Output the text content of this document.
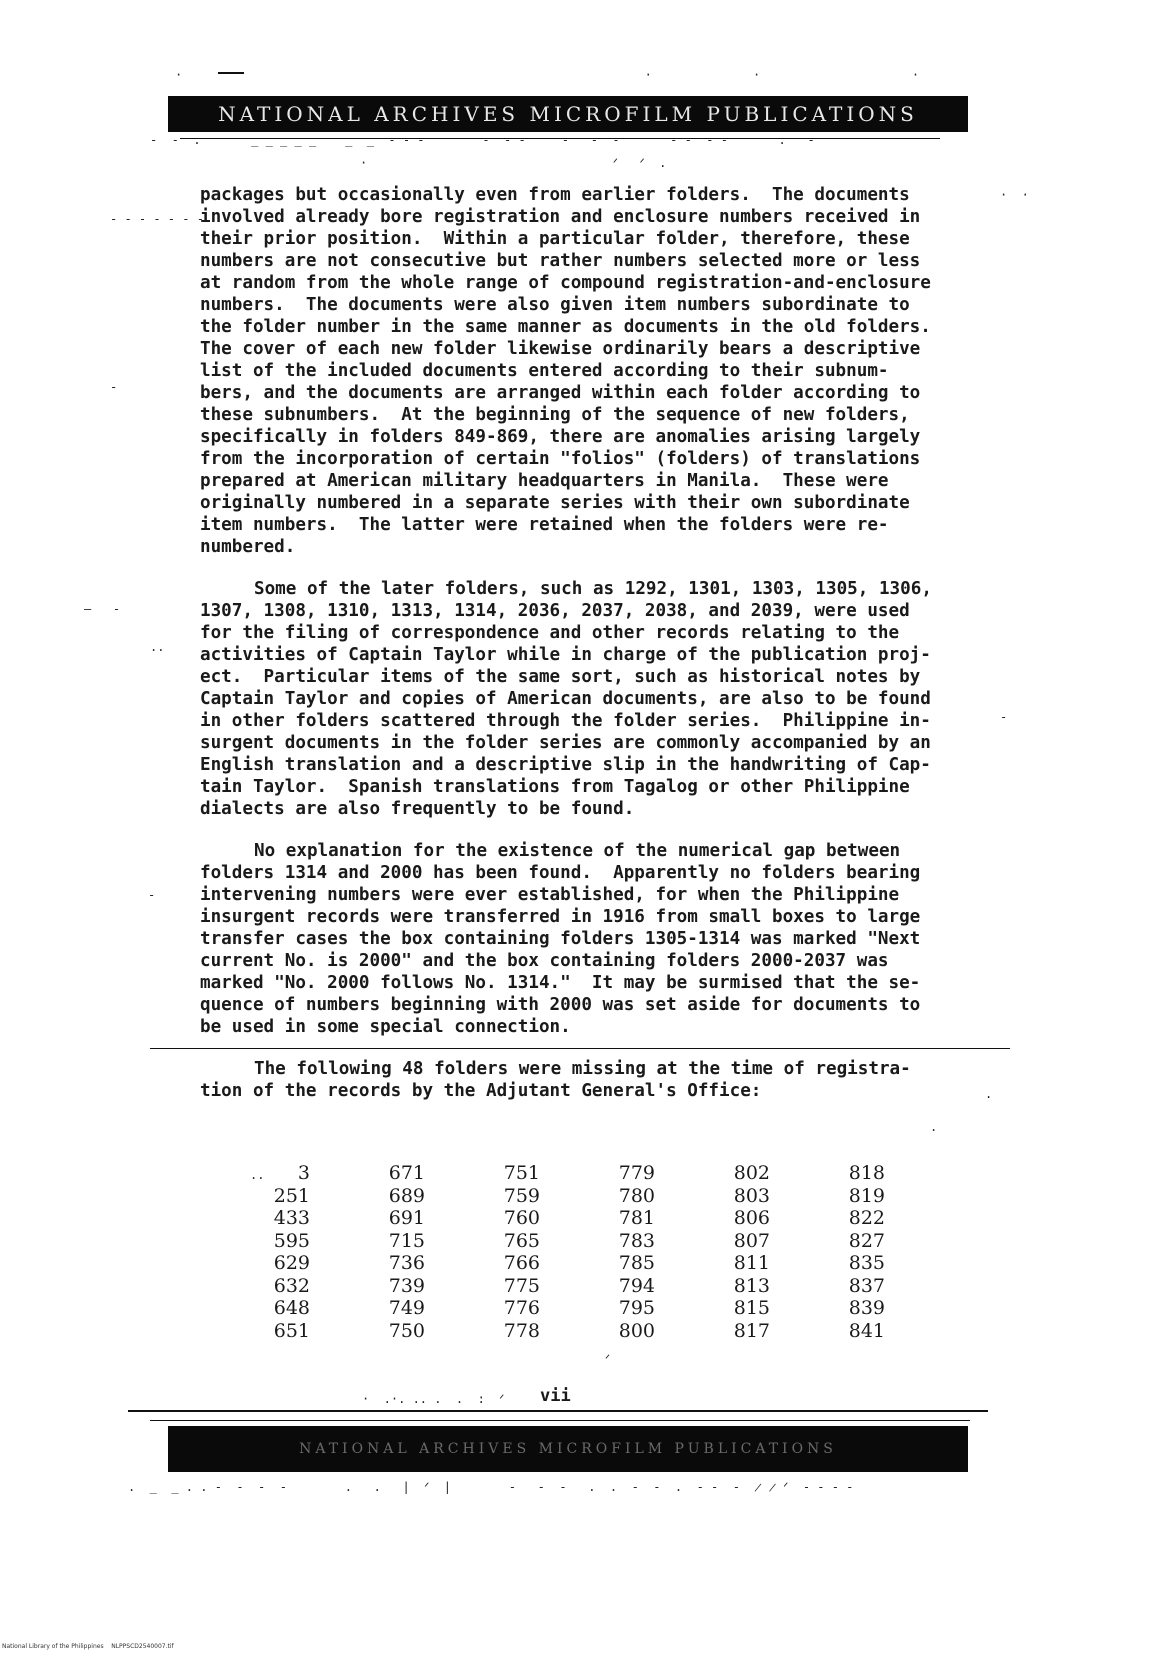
·                                                                ·              ·                     ·
NATIONAL ARCHIVES MICROFILM PUBLICATIONS
-  -  .       _ _ _ _ _    _  _  - - -        -  - -     -   -  -       - -  - -       .   -
·                                  ᐟ   ᐟ  .
- - - - - - -
·  ·
-
—   -
..
-
-
.
.
packages but occasionally even from earlier folders.  The documents
involved already bore registration and enclosure numbers received in
their prior position.  Within a particular folder, therefore, these
numbers are not consecutive but rather numbers selected more or less
at random from the whole range of compound registration-and-enclosure
numbers.  The documents were also given item numbers subordinate to
the folder number in the same manner as documents in the old folders.
The cover of each new folder likewise ordinarily bears a descriptive
list of the included documents entered according to their subnum-
bers, and the documents are arranged within each folder according to
these subnumbers.  At the beginning of the sequence of new folders,
specifically in folders 849-869, there are anomalies arising largely
from the incorporation of certain "folios" (folders) of translations
prepared at American military headquarters in Manila.  These were
originally numbered in a separate series with their own subordinate
item numbers.  The latter were retained when the folders were re-
numbered.
Some of the later folders, such as 1292, 1301, 1303, 1305, 1306,
1307, 1308, 1310, 1313, 1314, 2036, 2037, 2038, and 2039, were used
for the filing of correspondence and other records relating to the
activities of Captain Taylor while in charge of the publication proj-
ect.  Particular items of the same sort, such as historical notes by
Captain Taylor and copies of American documents, are also to be found
in other folders scattered through the folder series.  Philippine in-
surgent documents in the folder series are commonly accompanied by an
English translation and a descriptive slip in the handwriting of Cap-
tain Taylor.  Spanish translations from Tagalog or other Philippine
dialects are also frequently to be found.
No explanation for the existence of the numerical gap between
folders 1314 and 2000 has been found.  Apparently no folders bearing
intervening numbers were ever established, for when the Philippine
insurgent records were transferred in 1916 from small boxes to large
transfer cases the box containing folders 1305-1314 was marked "Next
current No. is 2000" and the box containing folders 2000-2037 was
marked "No. 2000 follows No. 1314."  It may be surmised that the se-
quence of numbers beginning with 2000 was set aside for documents to
be used in some special connection.
The following 48 folders were missing at the time of registra-
tion of the records by the Adjutant General's Office:
3
251
433
595
629
632
648
651
671
689
691
715
736
739
749
750
751
759
760
765
766
775
776
778
779
780
781
783
785
794
795
800
802
803
806
807
811
813
815
817
818
819
822
827
835
837
839
841
..
ᐟ
·  .·. .. .  .  :  ᐟ vii
NATIONAL ARCHIVES MICROFILM PUBLICATIONS
.  _  _ . . -  -  -  -        .   .   |  ᐟ  |        -   -  -   .  .  -  -  .  - -  -  ̷ ̷ ᐟ  - - - -
National Library of the Philippines    NLPPSCD2540007.tif
